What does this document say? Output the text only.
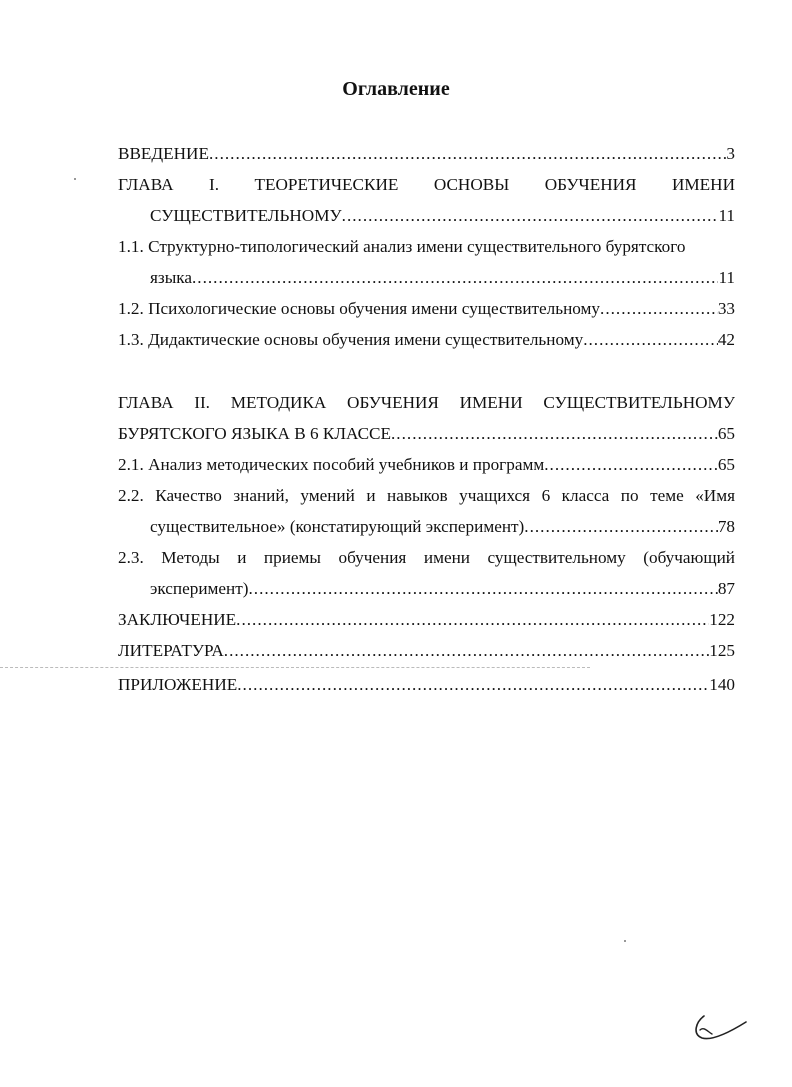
Оглавление
ВВЕДЕНИЕ .....	3
ГЛАВА I. ТЕОРЕТИЧЕСКИЕ ОСНОВЫ ОБУЧЕНИЯ ИМЕНИ
СУЩЕСТВИТЕЛЬНОМУ .....	11
1.1. Структурно-типологический анализ имени существительного бурятского
языка .....	11
1.2. Психологические основы обучения имени существительному .....	33
1.3. Дидактические основы обучения имени существительному .....	42
ГЛАВА II. МЕТОДИКА ОБУЧЕНИЯ ИМЕНИ СУЩЕСТВИТЕЛЬНОМУ
БУРЯТСКОГО ЯЗЫКА В 6 КЛАССЕ .....	65
2.1. Анализ методических пособий учебников и программ .....	65
2.2. Качество знаний, умений и навыков учащихся 6 класса по теме «Имя
существительное» (констатирующий эксперимент) .....	78
2.3. Методы и приемы обучения имени существительному (обучающий
эксперимент) .....	87
ЗАКЛЮЧЕНИЕ .....	122
ЛИТЕРАТУРА .....	125
ПРИЛОЖЕНИЕ .....	140
